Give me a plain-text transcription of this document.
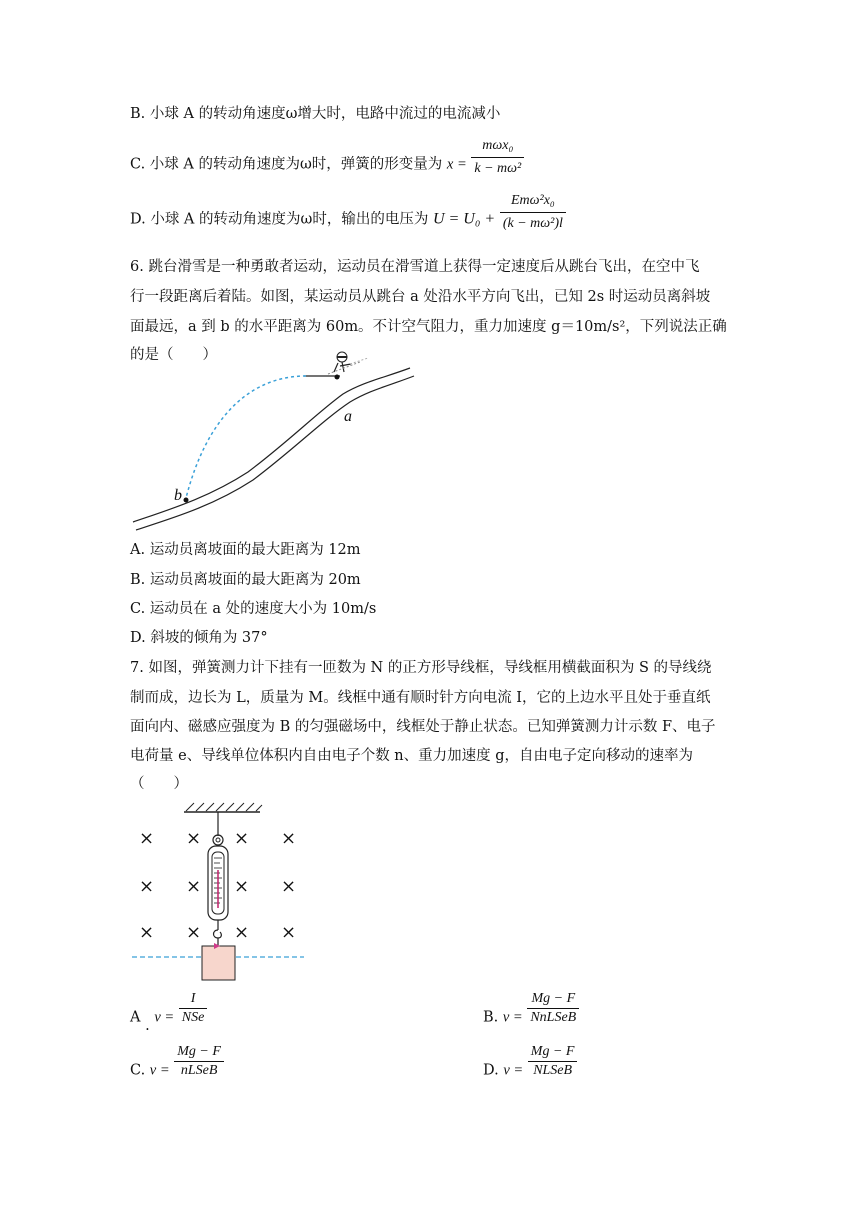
B. 小球 A 的转动角速度ω增大时，电路中流过的电流减小
C. 小球 A 的转动角速度为ω时，弹簧的形变量为 $x = \frac{\text{mωx₀}}{\text{k − mω²}}$
D. 小球 A 的转动角速度为ω时，输出的电压为 $U = U_0 + \frac{\text{Emω²x₀}}{\text{(k − mω²)l}}$
6. 跳台滑雪是一种勇敢者运动，运动员在滑雪道上获得一定速度后从跳台飞出，在空中飞
行一段距离后着陆。如图，某运动员从跳台 a 处沿水平方向飞出，已知 2s 时运动员离斜坡
面最远，a 到 b 的水平距离为 60m。不计空气阻力，重力加速度 g＝10m/s²，下列说法正确
的是（　　）
a
b
A. 运动员离坡面的最大距离为 12m
B. 运动员离坡面的最大距离为 20m
C. 运动员在 a 处的速度大小为 10m/s
D. 斜坡的倾角为 37°
7. 如图，弹簧测力计下挂有一匝数为 N 的正方形导线框，导线框用横截面积为 S 的导线绕
制而成，边长为 L，质量为 M。线框中通有顺时针方向电流 I，它的上边水平且处于垂直纸
面向内、磁感应强度为 B 的匀强磁场中，线框处于静止状态。已知弹簧测力计示数 F、电子
电荷量 e、导线单位体积内自由电子个数 n、重力加速度 g，自由电子定向移动的速率为
（　　）
× × × ×
× × × ×
× × × ×
A . $v = \frac{I}{\text{NSe}}$	B. $v = \frac{Mg - F}{\text{NnLSeB}}$
C. $v = \frac{Mg - F}{\text{nLSeB}}$	D. $v = \frac{Mg - F}{\text{NLSeB}}$
